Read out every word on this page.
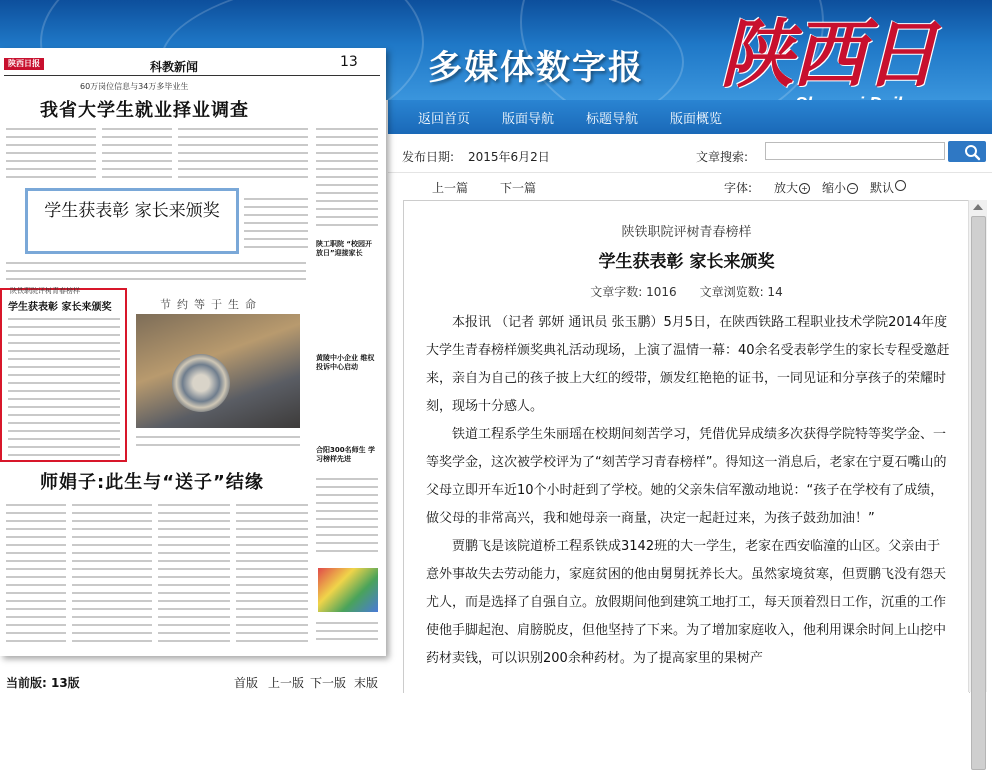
多媒体数字报 陕西日
返回首页 版面导航 标题导航 版面概览
发布日期: 2015年6月2日	文章搜索:
上一篇	下一篇	字体: 放大 + 缩小 − 默认
陕铁职院评树青春榜样
学生获表彰 家长来颁奖
文章字数: 1016 文章浏览数: 14

本报讯 （记者 郭妍 通讯员 张玉鹏）5月5日，在陕西铁路工程职业技术学院2014年度大学生青春榜样颁奖典礼活动现场，上演了温情一幕：40余名受表彰学生的家长专程受邀赶来，亲自为自己的孩子披上大红的绶带，颁发红艳艳的证书，一同见证和分享孩子的荣耀时刻，现场十分感人。

铁道工程系学生朱丽瑶在校期间刻苦学习，凭借优异成绩多次获得学院特等奖学金、一等奖学金，这次被学校评为了“刻苦学习青春榜样”。得知这一消息后，老家在宁夏石嘴山的父母立即开车近10个小时赶到了学校。她的父亲朱信军激动地说：“孩子在学校有了成绩，做父母的非常高兴，我和她母亲一商量，决定一起赶过来，为孩子鼓劲加油！”

贾鹏飞是该院道桥工程系铁成3142班的大一学生，老家在西安临潼的山区。父亲由于意外事故失去劳动能力，家庭贫困的他由舅舅抚养长大。虽然家境贫寒，但贾鹏飞没有怨天尤人，而是选择了自强自立。放假期间他到建筑工地打工，每天顶着烈日工作，沉重的工作使他手脚起泡、肩膀脱皮，但他坚持了下来。为了增加家庭收入，他利用课余时间上山挖中药材卖钱，可以识别200余种药材。为了提高家里的果树产

陕西日报	科教新闻	13
60万岗位信息与34万多毕业生
我省大学生就业择业调查
学生获表彰 家长来颁奖
陕铁职院评树青春榜样
学生获表彰 家长来颁奖	节约等于生命
陕工职院 “校园开放日”迎接家长
黄陵中小企业 维权投诉中心启动
合阳300名师生 学习榜样先进
师娟子:此生与“送子”结缘
当前版: 13版	首版 上一版 下一版 末版
